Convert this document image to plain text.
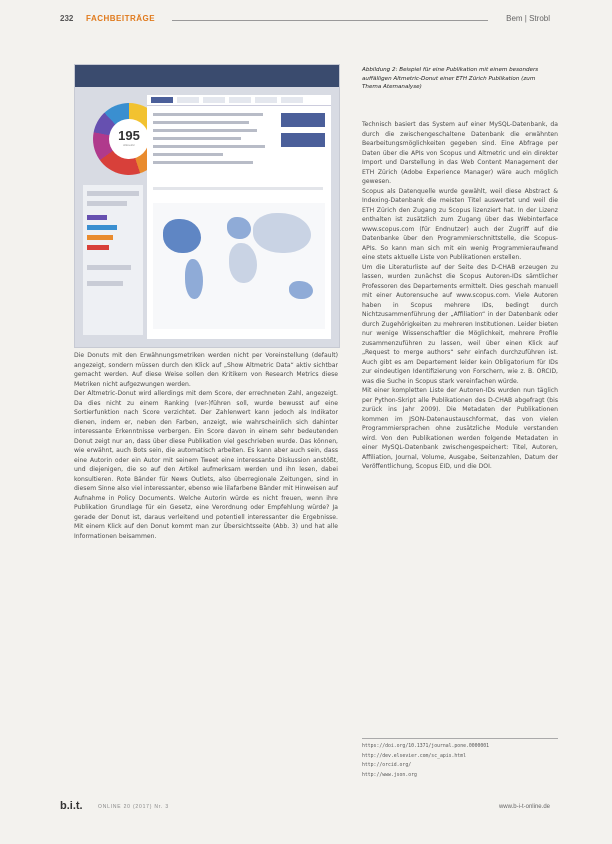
232 FACHBEITRÄGE	Bem | Strobl

195
Altmetric
Abbildung 2: Beispiel für eine Publikation mit einem besonders auffälligen Altmetric-Donut einer ETH Zürich Publikation (zum Thema Atemanalyse)

Die Donuts mit den Erwähnungsmetriken werden nicht per Voreinstellung (default) angezeigt, sondern müssen durch den Klick auf „Show Altmetric Data“ aktiv sichtbar gemacht werden. Auf diese Weise sollen den Kritikern von Research Metrics diese Metriken nicht aufgezwungen werden.

Der Altmetric-Donut wird allerdings mit dem Score, der errechneten Zahl, angezeigt. Da dies nicht zu einem Ranking (ver-)führen soll, wurde bewusst auf eine Sortierfunktion nach Score verzichtet. Der Zahlenwert kann jedoch als Indikator dienen, indem er, neben den Farben, anzeigt, wie wahrscheinlich sich dahinter interessante Erkenntnisse verbergen. Ein Score davon in einem sehr bedeutenden Donut zeigt nur an, dass über diese Publikation viel geschrieben wurde. Das können, wie erwähnt, auch Bots sein, die automatisch arbeiten. Es kann aber auch sein, dass eine Autorin oder ein Autor mit seinem Tweet eine interessante Diskussion anstößt, und diejenigen, die so auf den Artikel aufmerksam werden und ihn lesen, dabei konsultieren. Rote Bänder für News Outlets, also überregionale Zeitungen, sind in diesem Sinne also viel interessanter, ebenso wie lilafarbene Bänder mit Hinweisen auf Aufnahme in Policy Documents. Welche Autorin würde es nicht freuen, wenn ihre Publikation Grundlage für ein Gesetz, eine Verordnung oder Empfehlung würde? Ja gerade der Donut ist, daraus verleitend und potentiell interessanter die Ergebnisse. Mit einem Klick auf den Donut kommt man zur Übersichtsseite (Abb. 3) und hat alle Informationen beisammen.

Technisch basiert das System auf einer MySQL-Datenbank, da durch die zwischengeschaltene Datenbank die erwähnten Bearbeitungsmöglichkeiten gegeben sind. Eine Abfrage per Daten über die APIs von Scopus und Altmetric und ein direkter Import und Darstellung in das Web Content Management der ETH Zürich (Adobe Experience Manager) wäre auch möglich gewesen.

Scopus als Datenquelle wurde gewählt, weil diese Abstract & Indexing-Datenbank die meisten Titel auswertet und weil die ETH Zürich den Zugang zu Scopus lizenziert hat. In der Lizenz enthalten ist zusätzlich zum Zugang über das Webinterface www.scopus.com (für Endnutzer) auch der Zugriff auf die Datenbanke über den Programmierschnittstelle, die Scopus-APIs. So kann man sich mit ein wenig Programmieraufwand eine stets aktuelle Liste von Publikationen erstellen.

Um die Literaturliste auf der Seite des D-CHAB erzeugen zu lassen, wurden zunächst die Scopus Autoren-IDs sämtlicher Professoren des Departements ermittelt. Dies geschah manuell mit einer Autorensuche auf www.scopus.com. Viele Autoren haben in Scopus mehrere IDs, bedingt durch Nichtzusammenführung der „Affiliation“ in der Datenbank oder durch Zugehörigkeiten zu mehreren Institutionen. Leider bieten nur wenige Wissenschaftler die Möglichkeit, mehrere Profile zusammenzuführen zu lassen, weil über einen Klick auf „Request to merge authors“ sehr einfach durchzuführen ist. Auch gibt es am Departement leider kein Obligatorium für IDs zur eindeutigen Identifizierung von Forschern, wie z. B. ORCID, was die Suche in Scopus stark vereinfachen würde.

Mit einer kompletten Liste der Autoren-IDs wurden nun täglich per Python-Skript alle Publikationen des D-CHAB abgefragt (bis zurück ins Jahr 2009). Die Metadaten der Publikationen kommen im JSON-Datenaustauschformat, das von vielen Programmiersprachen ohne zusätzliche Module verstanden wird. Von den Publikationen werden folgende Metadaten in einer MySQL-Datenbank zwischengespeichert: Titel, Autoren, Affiliation, Journal, Volume, Ausgabe, Seitenzahlen, Datum der Veröffentlichung, Scopus EID, und die DOI.

https://doi.org/10.1371/journal.pone.0000001
http://dev.elsevier.com/sc_apis.html
http://orcid.org/
http://www.json.org
b.i.t.	ONLINE 20 (2017) Nr. 3	www.b-i-t-online.de
